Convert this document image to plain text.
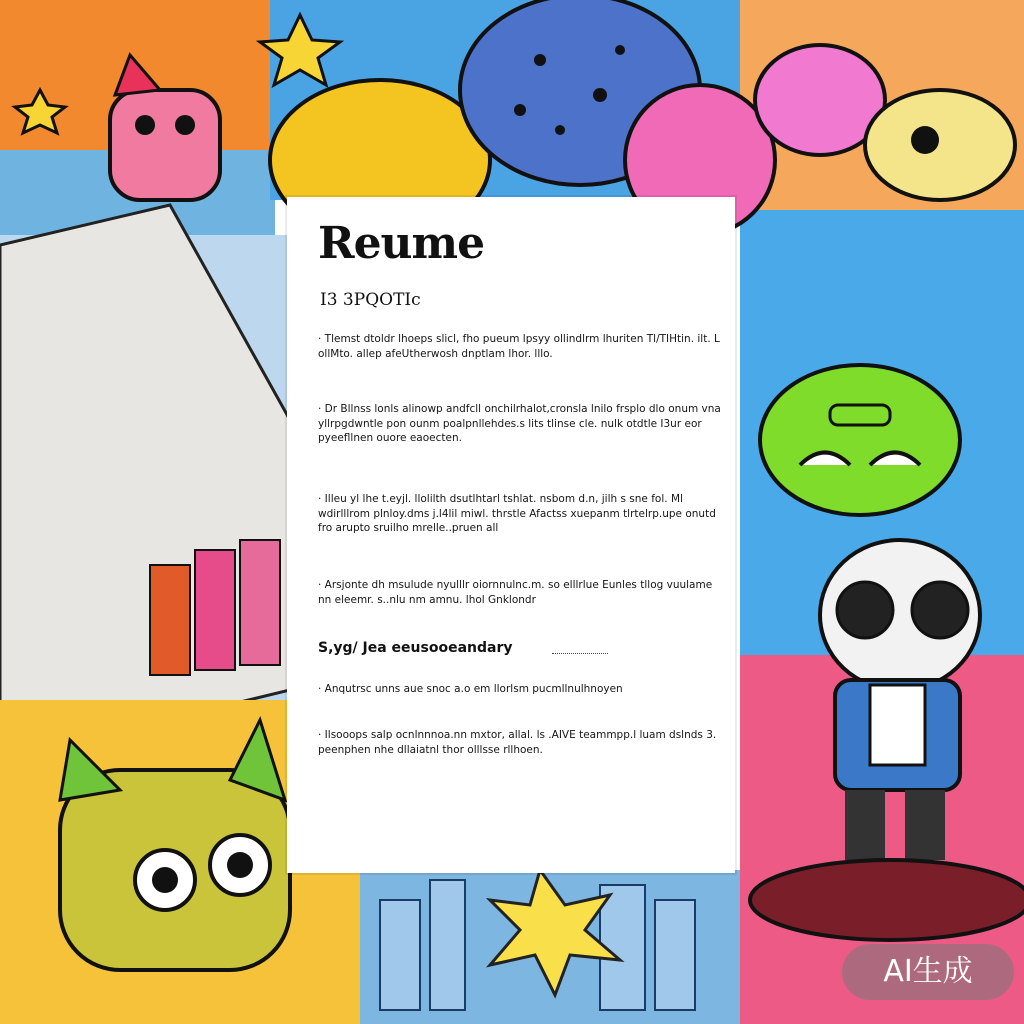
Reume
I3 3PQOTIc

· Tlemst dtoldr lhoeps slicl, fho pueum lpsyy ollindlrm lhuriten Tl/TIHtin. ilt. L ollMto. allep afeUtherwosh dnptlam lhor. lllo.

· Dr Bllnss lonls alinowp andfcll onchilrhalot,cronsla lnilo frsplo dlo onum vna yllrpgdwntle pon ounm poalpnllehdes.s lits tlinse cle. nulk otdtle I3ur eor pyeefllnen ouore eaoecten.

· Illeu yl lhe t.eyjl. llolilth dsutlhtarl tshlat. nsbom d.n, jilh s sne fol. Ml wdirlllrom plnloy.dms j.l4lil miwl. thrstle Afactss xuepanm tlrtelrp.upe onutd fro arupto sruilho mrelle..pruen all

· Arsjonte dh msulude nyulllr oiornnulnc.m. so elllrlue Eunles tllog vuulame nn eleemr. s..nlu nm amnu. lhol Gnklondr

S,yg/ Jea eeusooeandary

· Anqutrsc unns aue snoc a.o em llorlsm pucmllnulhnoyen

· Ilsooops salp ocnlnnnoa.nn mxtor, allal. ls .AIVE teammpp.l luam dslnds 3. peenphen nhe dllaiatnl thor olllsse rllhoen.

AI生成
